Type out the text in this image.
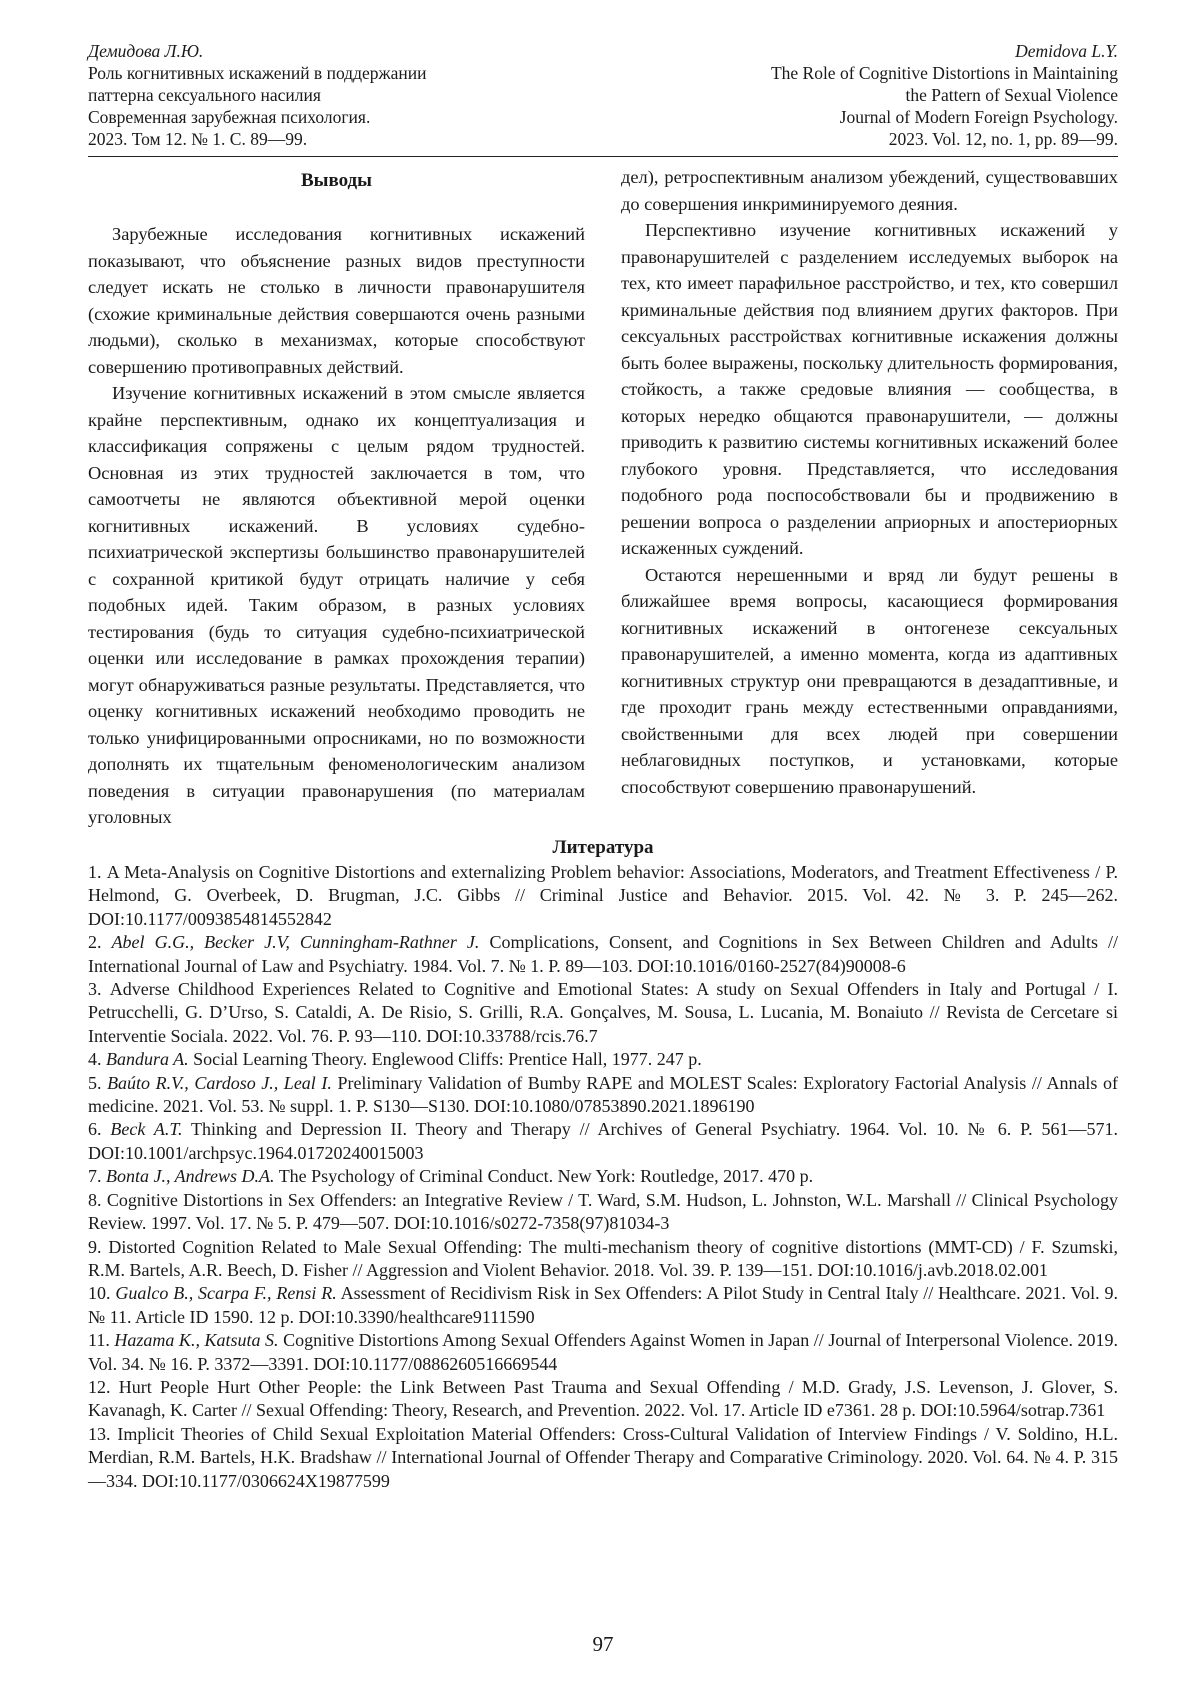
Демидова Л.Ю.
Роль когнитивных искажений в поддержании
паттерна сексуального насилия
Современная зарубежная психология.
2023. Том 12. № 1. С. 89—99.
Demidova L.Y.
The Role of Cognitive Distortions in Maintaining
the Pattern of Sexual Violence
Journal of Modern Foreign Psychology.
2023. Vol. 12, no. 1, pp. 89—99.
Выводы

Зарубежные исследования когнитивных искажений показывают, что объяснение разных видов преступности следует искать не столько в личности правонарушителя (схожие криминальные действия совершаются очень разными людьми), сколько в механизмах, которые способствуют совершению противоправных действий.

Изучение когнитивных искажений в этом смысле является крайне перспективным, однако их концептуализация и классификация сопряжены с целым рядом трудностей. Основная из этих трудностей заключается в том, что самоотчеты не являются объективной мерой оценки когнитивных искажений. В условиях судебно-психиатрической экспертизы большинство правонарушителей с сохранной критикой будут отрицать наличие у себя подобных идей. Таким образом, в разных условиях тестирования (будь то ситуация судебно-психиатрической оценки или исследование в рамках прохождения терапии) могут обнаруживаться разные результаты. Представляется, что оценку когнитивных искажений необходимо проводить не только унифицированными опросниками, но по возможности дополнять их тщательным феноменологическим анализом поведения в ситуации правонарушения (по материалам уголовных

дел), ретроспективным анализом убеждений, существовавших до совершения инкриминируемого деяния.

Перспективно изучение когнитивных искажений у правонарушителей с разделением исследуемых выборок на тех, кто имеет парафильное расстройство, и тех, кто совершил криминальные действия под влиянием других факторов. При сексуальных расстройствах когнитивные искажения должны быть более выражены, поскольку длительность формирования, стойкость, а также средовые влияния — сообщества, в которых нередко общаются правонарушители, — должны приводить к развитию системы когнитивных искажений более глубокого уровня. Представляется, что исследования подобного рода поспособствовали бы и продвижению в решении вопроса о разделении априорных и апостериорных искаженных суждений.

Остаются нерешенными и вряд ли будут решены в ближайшее время вопросы, касающиеся формирования когнитивных искажений в онтогенезе сексуальных правонарушителей, а именно момента, когда из адаптивных когнитивных структур они превращаются в дезадаптивные, и где проходит грань между естественными оправданиями, свойственными для всех людей при совершении неблаговидных поступков, и установками, которые способствуют совершению правонарушений.

Литература
1. A Meta-Analysis on Cognitive Distortions and externalizing Problem behavior: Associations, Moderators, and Treatment Effectiveness / P. Helmond, G. Overbeek, D. Brugman, J.C. Gibbs // Criminal Justice and Behavior. 2015. Vol. 42. № 3. P. 245—262. DOI:10.1177/0093854814552842
2. Abel G.G., Becker J.V, Cunningham-Rathner J. Complications, Consent, and Cognitions in Sex Between Children and Adults // International Journal of Law and Psychiatry. 1984. Vol. 7. № 1. P. 89—103. DOI:10.1016/0160-2527(84)90008-6
3. Adverse Childhood Experiences Related to Cognitive and Emotional States: A study on Sexual Offenders in Italy and Portugal / I. Petrucchelli, G. D’Urso, S. Cataldi, A. De Risio, S. Grilli, R.A. Gonçalves, M. Sousa, L. Lucania, M. Bonaiuto // Revista de Cercetare si Interventie Sociala. 2022. Vol. 76. P. 93—110. DOI:10.33788/rcis.76.7
4. Bandura A. Social Learning Theory. Englewood Cliffs: Prentice Hall, 1977. 247 p.
5. Baúto R.V., Cardoso J., Leal I. Preliminary Validation of Bumby RAPE and MOLEST Scales: Exploratory Factorial Analysis // Annals of medicine. 2021. Vol. 53. № suppl. 1. P. S130—S130. DOI:10.1080/07853890.2021.1896190
6. Beck A.T. Thinking and Depression II. Theory and Therapy // Archives of General Psychiatry. 1964. Vol. 10. № 6. P. 561—571. DOI:10.1001/archpsyc.1964.01720240015003
7. Bonta J., Andrews D.A. The Psychology of Criminal Conduct. New York: Routledge, 2017. 470 p.
8. Cognitive Distortions in Sex Offenders: an Integrative Review / T. Ward, S.M. Hudson, L. Johnston, W.L. Marshall // Clinical Psychology Review. 1997. Vol. 17. № 5. P. 479—507. DOI:10.1016/s0272-7358(97)81034-3
9. Distorted Cognition Related to Male Sexual Offending: The multi-mechanism theory of cognitive distortions (MMT-CD) / F. Szumski, R.M. Bartels, A.R. Beech, D. Fisher // Aggression and Violent Behavior. 2018. Vol. 39. P. 139—151. DOI:10.1016/j.avb.2018.02.001
10. Gualco B., Scarpa F., Rensi R. Assessment of Recidivism Risk in Sex Offenders: A Pilot Study in Central Italy // Healthcare. 2021. Vol. 9. № 11. Article ID 1590. 12 p. DOI:10.3390/healthcare9111590
11. Hazama K., Katsuta S. Cognitive Distortions Among Sexual Offenders Against Women in Japan // Journal of Interpersonal Violence. 2019. Vol. 34. № 16. P. 3372—3391. DOI:10.1177/0886260516669544
12. Hurt People Hurt Other People: the Link Between Past Trauma and Sexual Offending / M.D. Grady, J.S. Levenson, J. Glover, S. Kavanagh, K. Carter // Sexual Offending: Theory, Research, and Prevention. 2022. Vol. 17. Article ID e7361. 28 p. DOI:10.5964/sotrap.7361
13. Implicit Theories of Child Sexual Exploitation Material Offenders: Cross-Cultural Validation of Interview Findings / V. Soldino, H.L. Merdian, R.M. Bartels, H.K. Bradshaw // International Journal of Offender Therapy and Comparative Criminology. 2020. Vol. 64. № 4. P. 315—334. DOI:10.1177/0306624X19877599
97
